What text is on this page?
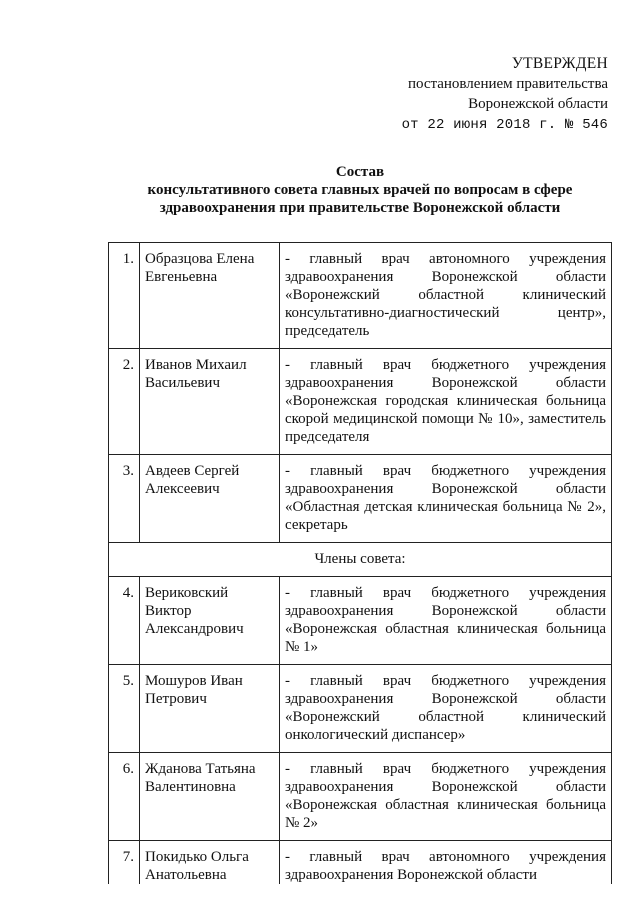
УТВЕРЖДЕН
постановлением правительства
Воронежской области
от 22 июня 2018 г. № 546
Состав
консультативного совета главных врачей по вопросам в сфере
здравоохранения при правительстве Воронежской области
1.	Образцова Елена Евгеньевна	- главный врач автономного учреждения здравоохранения Воронежской области «Воронежский областной клинический консультативно-диагностический центр», председатель
2.	Иванов Михаил Васильевич	- главный врач бюджетного учреждения здравоохранения Воронежской области «Воронежская городская клиническая больница скорой медицинской помощи № 10», заместитель председателя
3.	Авдеев Сергей Алексеевич	- главный врач бюджетного учреждения здравоохранения Воронежской области «Областная детская клиническая больница № 2», секретарь
Члены совета:		
4.	Вериковский Виктор Александрович	- главный врач бюджетного учреждения здравоохранения Воронежской области «Воронежская областная клиническая больница № 1»
5.	Мошуров Иван Петрович	- главный врач бюджетного учреждения здравоохранения Воронежской области «Воронежский областной клинический онкологический диспансер»
6.	Жданова Татьяна Валентиновна	- главный врач бюджетного учреждения здравоохранения Воронежской области «Воронежская областная клиническая больница № 2»
7.	Покидько Ольга Анатольевна	- главный врач автономного учреждения здравоохранения Воронежской области
